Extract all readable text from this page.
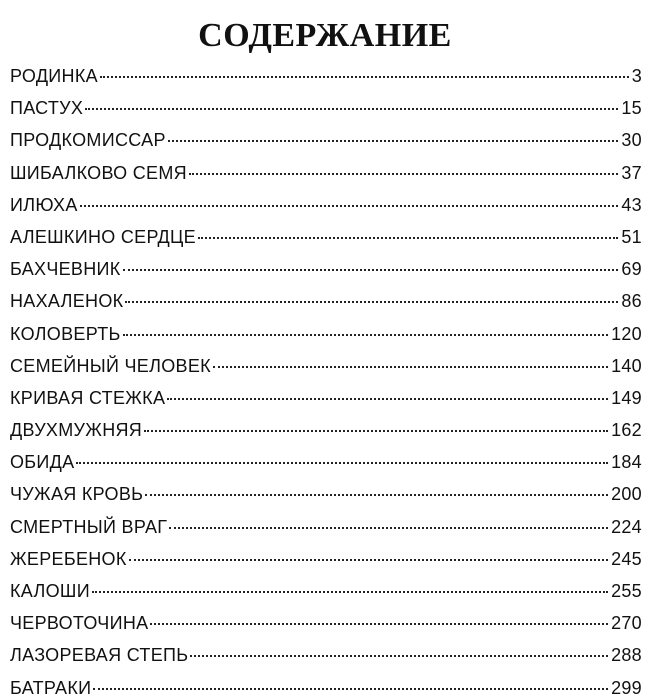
СОДЕРЖАНИЕ
РОДИНКА	3
ПАСТУХ	15
ПРОДКОМИССАР	30
ШИБАЛКОВО СЕМЯ	37
ИЛЮХА	43
АЛЕШКИНО СЕРДЦЕ	51
БАХЧЕВНИК	69
НАХАЛЕНОК	86
КОЛОВЕРТЬ	120
СЕМЕЙНЫЙ ЧЕЛОВЕК	140
КРИВАЯ СТЕЖКА	149
ДВУХМУЖНЯЯ	162
ОБИДА	184
ЧУЖАЯ КРОВЬ	200
СМЕРТНЫЙ ВРАГ	224
ЖЕРЕБЕНОК	245
КАЛОШИ	255
ЧЕРВОТОЧИНА	270
ЛАЗОРЕВАЯ СТЕПЬ	288
БАТРАКИ	299
